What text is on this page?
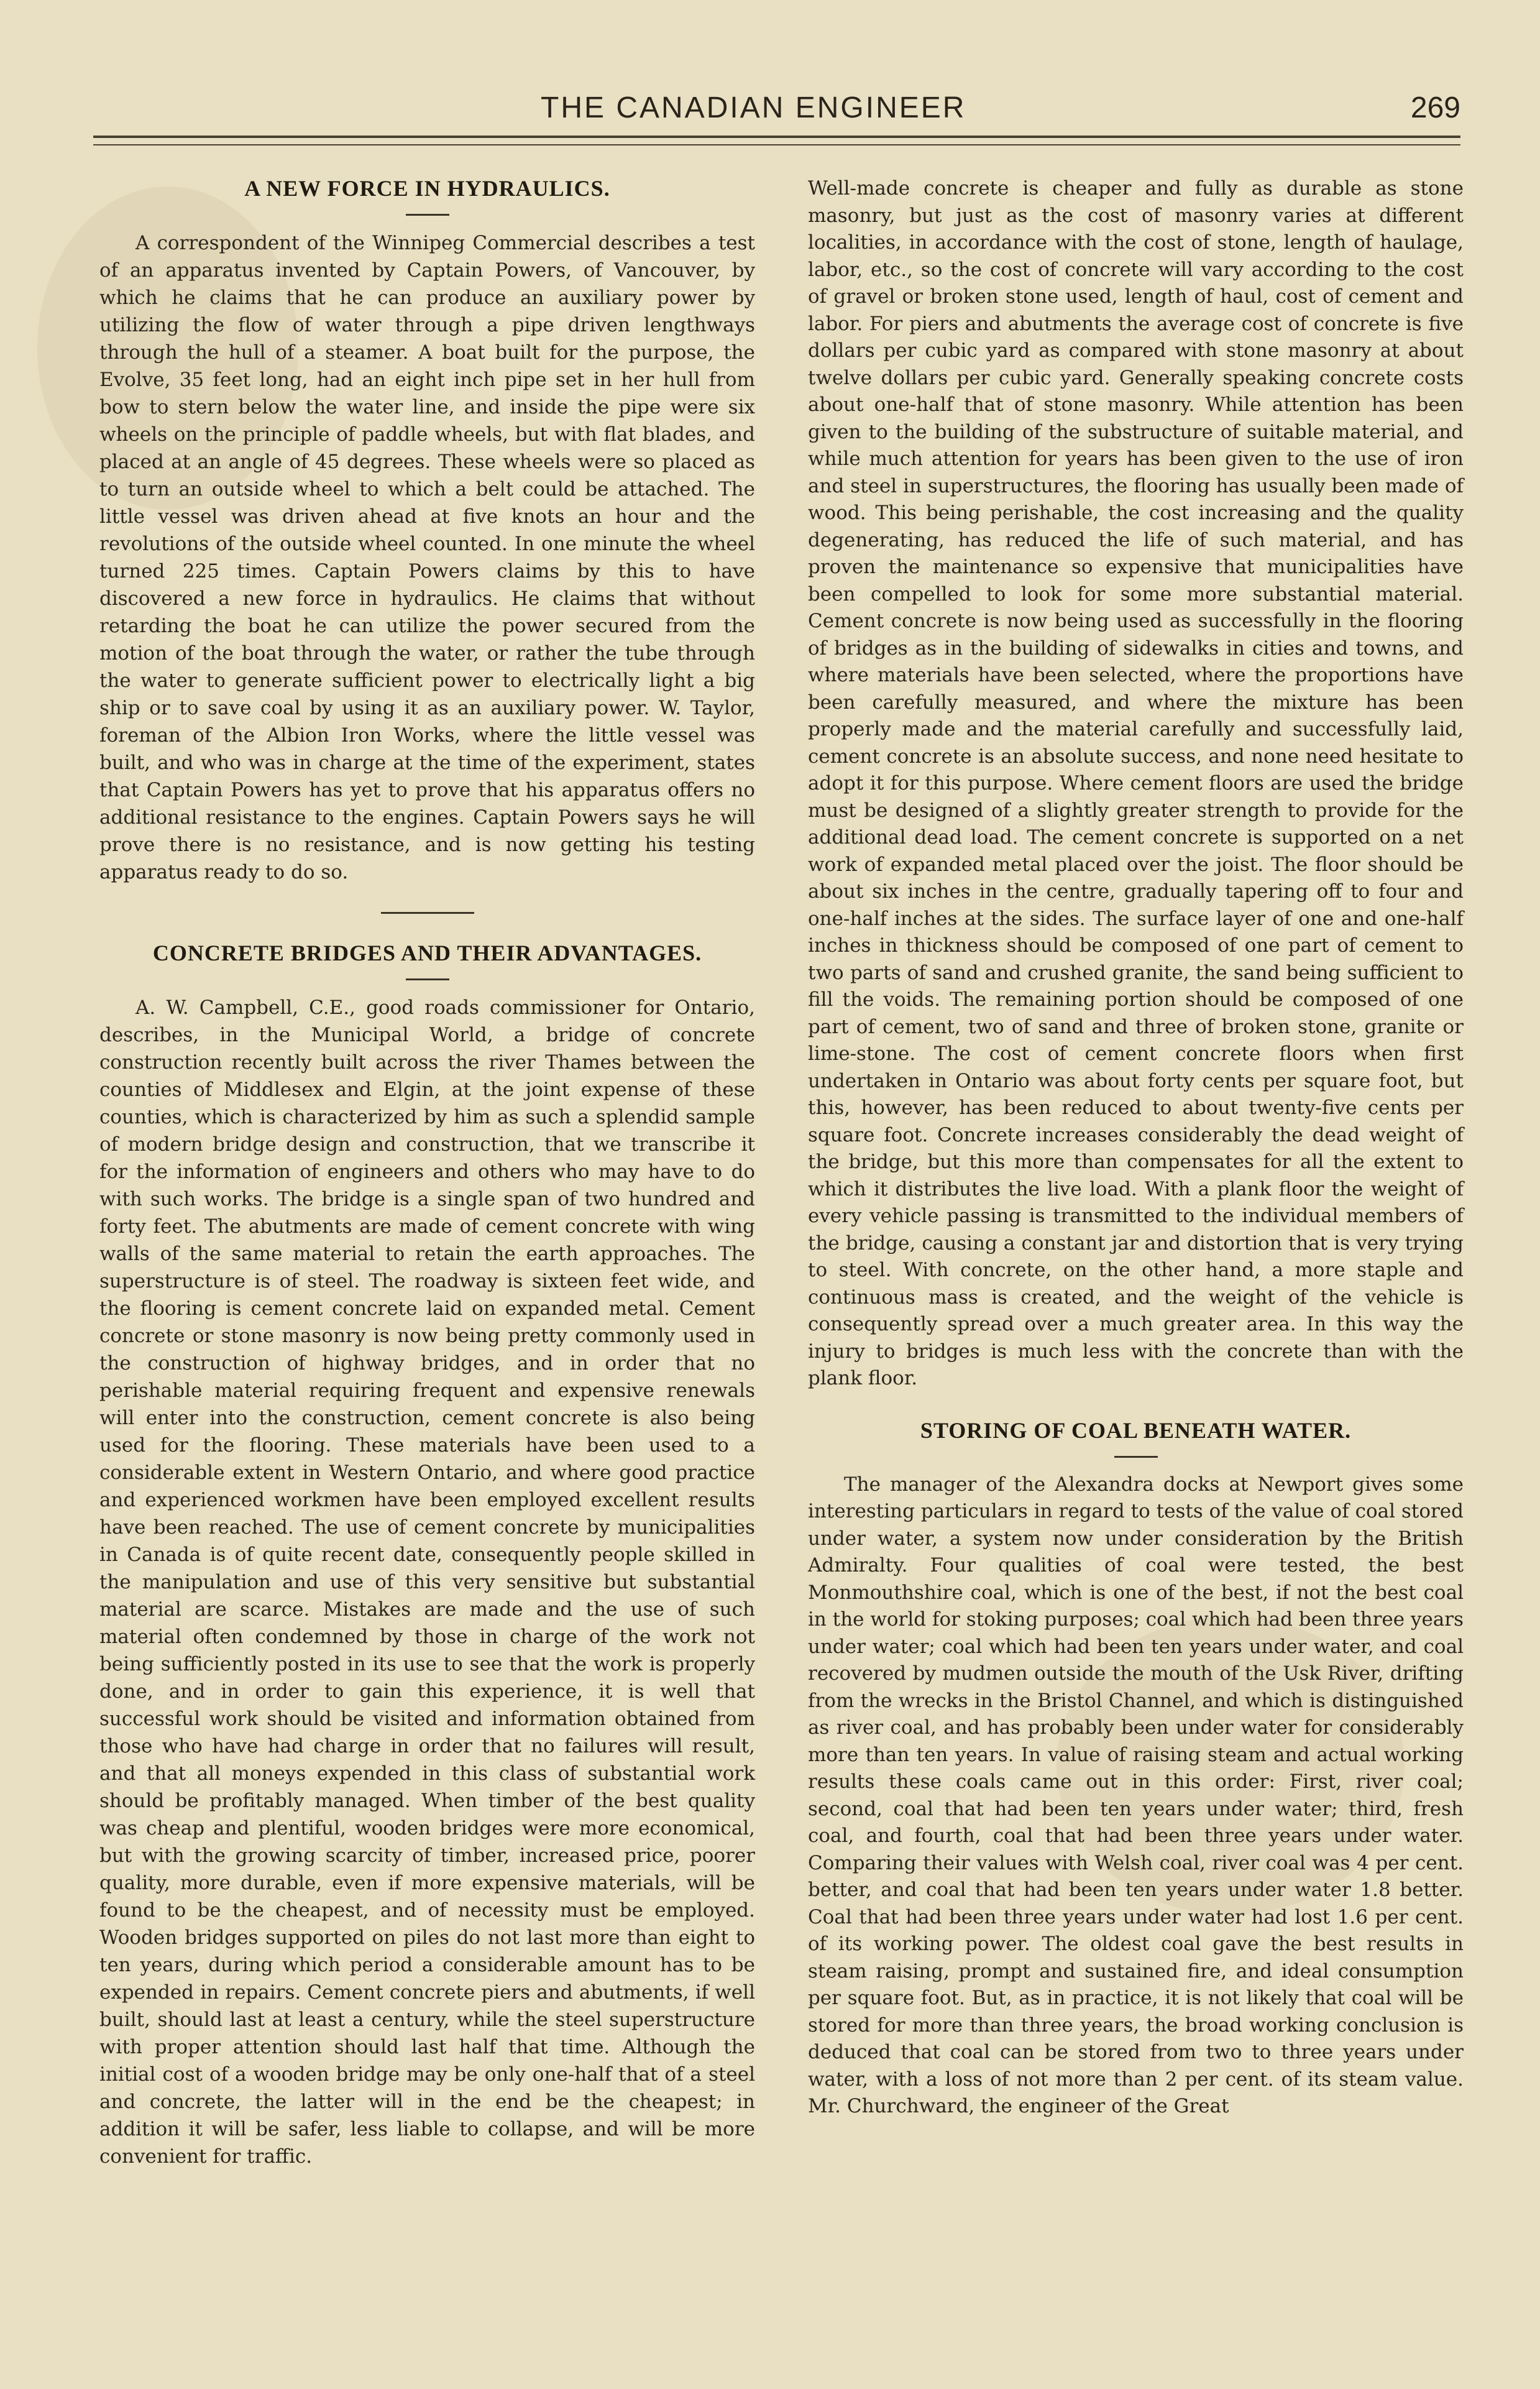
THE CANADIAN ENGINEER	269
A NEW FORCE IN HYDRAULICS.

A correspondent of the Winnipeg Commercial describes a test of an apparatus invented by Captain Powers, of Vancouver, by which he claims that he can produce an auxiliary power by utilizing the flow of water through a pipe driven lengthways through the hull of a steamer. A boat built for the purpose, the Evolve, 35 feet long, had an eight inch pipe set in her hull from bow to stern below the water line, and inside the pipe were six wheels on the principle of paddle wheels, but with flat blades, and placed at an angle of 45 degrees. These wheels were so placed as to turn an outside wheel to which a belt could be attached. The little vessel was driven ahead at five knots an hour and the revolutions of the outside wheel counted. In one minute the wheel turned 225 times. Captain Powers claims by this to have discovered a new force in hydraulics. He claims that without retarding the boat he can utilize the power secured from the motion of the boat through the water, or rather the tube through the water to generate sufficient power to electrically light a big ship or to save coal by using it as an auxiliary power. W. Taylor, foreman of the Albion Iron Works, where the little vessel was built, and who was in charge at the time of the experiment, states that Captain Powers has yet to prove that his apparatus offers no additional resistance to the engines. Captain Powers says he will prove there is no resistance, and is now getting his testing apparatus ready to do so.

CONCRETE BRIDGES AND THEIR ADVANTAGES.

A. W. Campbell, C.E., good roads commissioner for Ontario, describes, in the Municipal World, a bridge of concrete construction recently built across the river Thames between the counties of Middlesex and Elgin, at the joint expense of these counties, which is characterized by him as such a splendid sample of modern bridge design and construction, that we transcribe it for the information of engineers and others who may have to do with such works. The bridge is a single span of two hundred and forty feet. The abutments are made of cement concrete with wing walls of the same material to retain the earth approaches. The superstructure is of steel. The roadway is sixteen feet wide, and the flooring is cement concrete laid on expanded metal. Cement concrete or stone masonry is now being pretty commonly used in the construction of highway bridges, and in order that no perishable material requiring frequent and expensive renewals will enter into the construction, cement concrete is also being used for the flooring. These materials have been used to a considerable extent in Western Ontario, and where good practice and experienced workmen have been employed excellent results have been reached. The use of cement concrete by municipalities in Canada is of quite recent date, consequently people skilled in the manipulation and use of this very sensitive but substantial material are scarce. Mistakes are made and the use of such material often condemned by those in charge of the work not being sufficiently posted in its use to see that the work is properly done, and in order to gain this experience, it is well that successful work should be visited and information obtained from those who have had charge in order that no failures will result, and that all moneys expended in this class of substantial work should be profitably managed. When timber of the best quality was cheap and plentiful, wooden bridges were more economical, but with the growing scarcity of timber, increased price, poorer quality, more durable, even if more expensive materials, will be found to be the cheapest, and of necessity must be employed. Wooden bridges supported on piles do not last more than eight to ten years, during which period a considerable amount has to be expended in repairs. Cement concrete piers and abutments, if well built, should last at least a century, while the steel superstructure with proper attention should last half that time. Although the initial cost of a wooden bridge may be only one-half that of a steel and concrete, the latter will in the end be the cheapest; in addition it will be safer, less liable to collapse, and will be more convenient for traffic.

Well-made concrete is cheaper and fully as durable as stone masonry, but just as the cost of masonry varies at different localities, in accordance with the cost of stone, length of haulage, labor, etc., so the cost of concrete will vary according to the cost of gravel or broken stone used, length of haul, cost of cement and labor. For piers and abutments the average cost of concrete is five dollars per cubic yard as compared with stone masonry at about twelve dollars per cubic yard. Generally speaking concrete costs about one-half that of stone masonry. While attention has been given to the building of the substructure of suitable material, and while much attention for years has been given to the use of iron and steel in superstructures, the flooring has usually been made of wood. This being perishable, the cost increasing and the quality degenerating, has reduced the life of such material, and has proven the maintenance so expensive that municipalities have been compelled to look for some more substantial material. Cement concrete is now being used as successfully in the flooring of bridges as in the building of sidewalks in cities and towns, and where materials have been selected, where the proportions have been carefully measured, and where the mixture has been properly made and the material carefully and successfully laid, cement concrete is an absolute success, and none need hesitate to adopt it for this purpose. Where cement floors are used the bridge must be designed of a slightly greater strength to provide for the additional dead load. The cement concrete is supported on a net work of expanded metal placed over the joist. The floor should be about six inches in the centre, gradually tapering off to four and one-half inches at the sides. The surface layer of one and one-half inches in thickness should be composed of one part of cement to two parts of sand and crushed granite, the sand being sufficient to fill the voids. The remaining portion should be composed of one part of cement, two of sand and three of broken stone, granite or lime-stone. The cost of cement concrete floors when first undertaken in Ontario was about forty cents per square foot, but this, however, has been reduced to about twenty-five cents per square foot. Concrete increases considerably the dead weight of the bridge, but this more than compensates for all the extent to which it distributes the live load. With a plank floor the weight of every vehicle passing is transmitted to the individual members of the bridge, causing a constant jar and distortion that is very trying to steel. With concrete, on the other hand, a more staple and continuous mass is created, and the weight of the vehicle is consequently spread over a much greater area. In this way the injury to bridges is much less with the concrete than with the plank floor.

STORING OF COAL BENEATH WATER.

The manager of the Alexandra docks at Newport gives some interesting particulars in regard to tests of the value of coal stored under water, a system now under consideration by the British Admiralty. Four qualities of coal were tested, the best Monmouthshire coal, which is one of the best, if not the best coal in the world for stoking purposes; coal which had been three years under water; coal which had been ten years under water, and coal recovered by mudmen outside the mouth of the Usk River, drifting from the wrecks in the Bristol Channel, and which is distinguished as river coal, and has probably been under water for considerably more than ten years. In value of raising steam and actual working results these coals came out in this order: First, river coal; second, coal that had been ten years under water; third, fresh coal, and fourth, coal that had been three years under water. Comparing their values with Welsh coal, river coal was 4 per cent. better, and coal that had been ten years under water 1.8 better. Coal that had been three years under water had lost 1.6 per cent. of its working power. The oldest coal gave the best results in steam raising, prompt and sustained fire, and ideal consumption per square foot. But, as in practice, it is not likely that coal will be stored for more than three years, the broad working conclusion is deduced that coal can be stored from two to three years under water, with a loss of not more than 2 per cent. of its steam value. Mr. Churchward, the engineer of the Great
